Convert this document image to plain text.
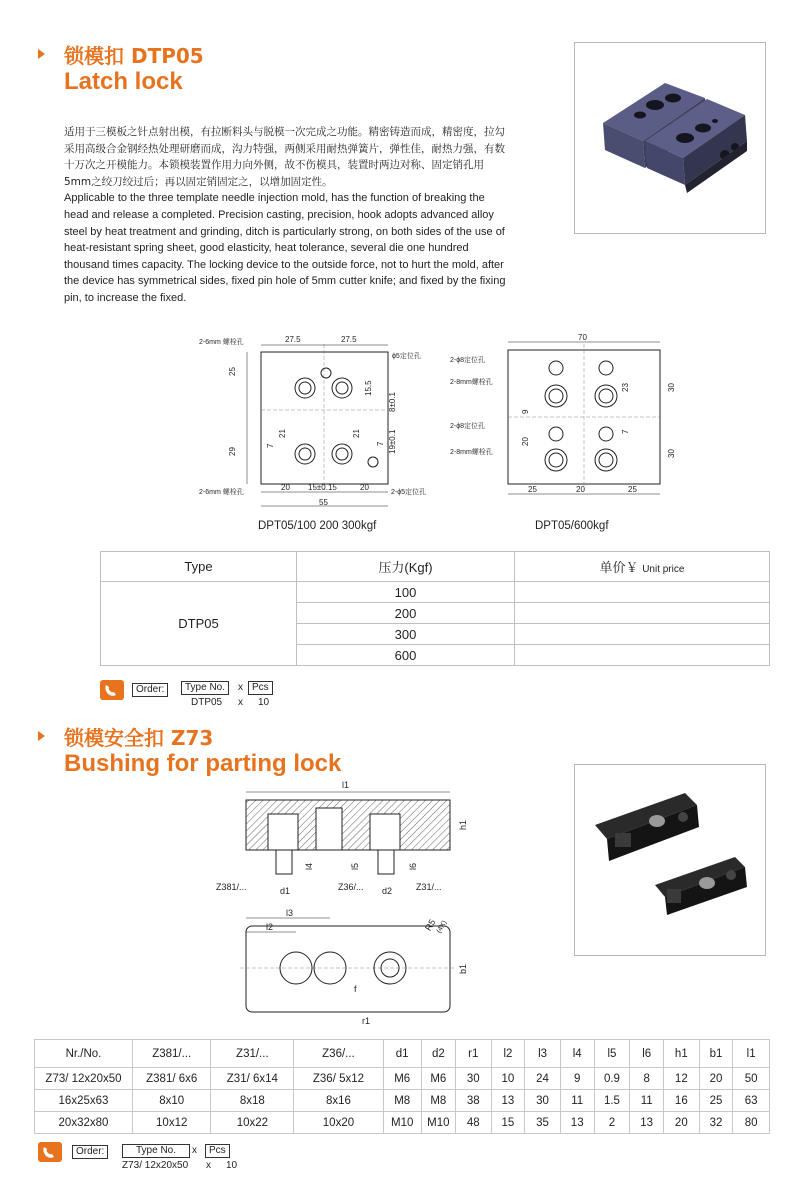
锁模扣 DTP05
Latch lock
适用于三模板之针点射出模，有拉断料头与脱模一次完成之功能。精密铸造而成，精密度，拉勾采用高级合金钢经热处理研磨而成，沟力特强，两侧采用耐热弹簧片，弹性佳，耐热力强，有数十万次之开模能力。本锁模装置作用力向外侧，故不伤模具，装置时两边对称、固定销孔用5mm之绞刀绞过后；再以固定销固定之，以增加固定性。
Applicable to the three template needle injection mold, has the function of breaking the head and release a completed. Precision casting, precision, hook adopts advanced alloy steel by heat treatment and grinding, ditch is particularly strong, on both sides of the use of heat-resistant spring sheet, good elasticity, heat tolerance, several die one hundred thousand times capacity. The locking device to the outside force, not to hurt the mold, after the device has symmetrical sides, fixed pin hole of 5mm cutter knife; and fixed by the fixing pin, to increase the fixed.
27.5	27.5
25
29
15.5
21	21
7	7 19±0.1
8±0.1
20 15±0.15	20
55
2-6mm 螺栓孔
ϕ5定位孔
2-6mm 螺栓孔	2-ϕ5定位孔
DPT05/100 200 300kgf
70
30
30
23
9
20
7
25	20	25
2-ϕ8定位孔
2-8mm螺栓孔
2-ϕ8定位孔
2-8mm螺栓孔
DPT05/600kgf
Type	压力(Kgf)	单价￥ Unit price
DTP05	100	
	200	
	300	
	600	
Order:	Type No.	x Pcs
DTP05 x 10
锁模安全扣 Z73
Bushing for parting lock
l1
h1
l4	l5	l6
d1	d2
Z381/...	Z36/...	Z31/...
l3
l2	R5
(4X)
b1
r1
f
Nr./No.	Z381/...	Z31/...	Z36/...	d1	d2	r1	l2	l3	l4	l5	l6	h1	b1	l1
Z73/ 12x20x50	Z381/ 6x6	Z31/ 6x14	Z36/ 5x12	M6	M6	30	10	24	9	0.9	8	12	20	50
16x25x63	8x10	8x18	8x16	M8	M8	38	13	30	11	1.5	11	16	25	63
20x32x80	10x12	10x22	10x20	M10	M10	48	15	35	13	2	13	20	32	80
Order:	Type No.	x	Pcs
Z73/ 12x20x50 x 10
